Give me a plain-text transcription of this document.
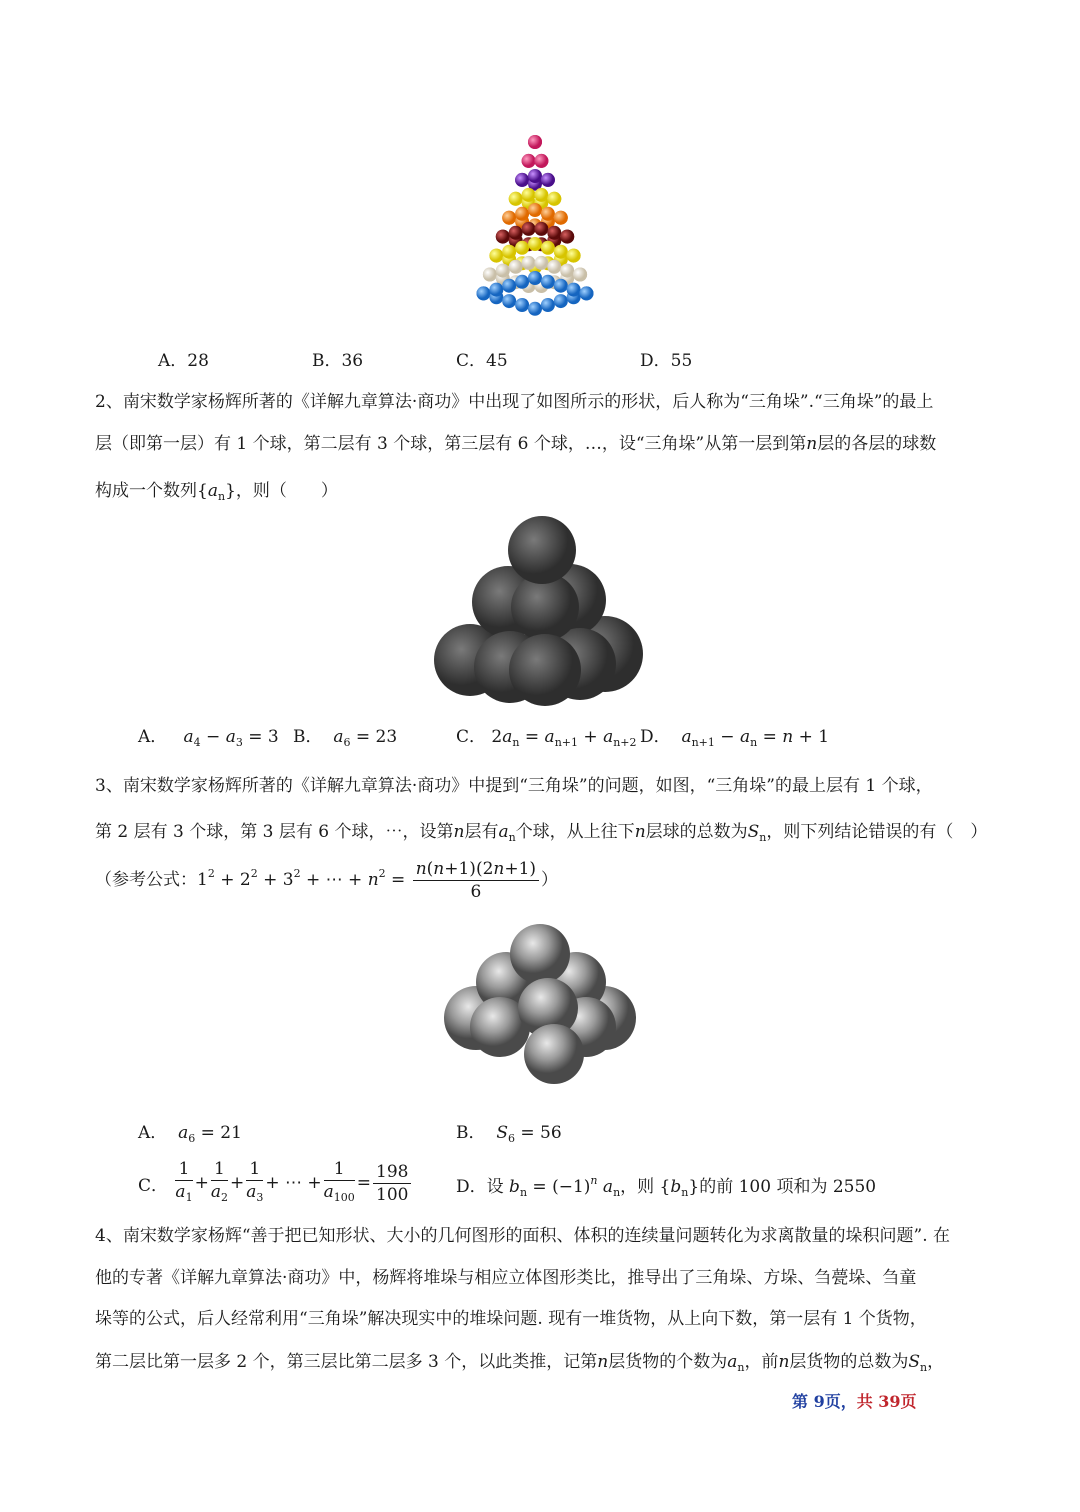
A．28	B．36	C．45	D．55
2、南宋数学家杨辉所著的《详解九章算法·商功》中出现了如图所示的形状，后人称为“三角垛”.“三角垛”的最上
层（即第一层）有 1 个球，第二层有 3 个球，第三层有 6 个球，…，设“三角垛”从第一层到第n层的各层的球数
构成一个数列$\{a_n\}$，则（　　）
A． $a_4 - a_3 = 3$ B． $a_6 = 23$	C． $2a_n = a_{n+1} + a_{n+2}$ D． $a_{n+1} - a_n = n + 1$
3、南宋数学家杨辉所著的《详解九章算法·商功》中提到“三角垛”的问题，如图，“三角垛”的最上层有 1 个球，
第 2 层有 3 个球，第 3 层有 6 个球，⋯，设第n层有$a_n$个球，从上往下n层球的总数为$S_n$，则下列结论错误的有（　）
（参考公式：$1^2 + 2^2 + 3^2$ + ⋯ + $n^2 = \frac{n(n+1)(2n+1)}{6}$ ）
A． $a_6 = 21$	B． $S_6 = 56$
C． $\frac{1}{a_1} + \frac{1}{a_2} + \frac{1}{a_3}$ + ⋯ + $\frac{1}{a_{100}} = \frac{198}{100}$	D．设 $b_n = (-1)^n$ $a_n$，则 $\{b_n\}$的前 100 项和为 2550
4、南宋数学家杨辉“善于把已知形状、大小的几何图形的面积、体积的连续量问题转化为求离散量的垛积问题”. 在
他的专著《详解九章算法·商功》中，杨辉将堆垛与相应立体图形类比，推导出了三角垛、方垛、刍甍垛、刍童
垛等的公式，后人经常利用“三角垛”解决现实中的堆垛问题. 现有一堆货物，从上向下数，第一层有 1 个货物，
第二层比第一层多 2 个，第三层比第二层多 3 个，以此类推，记第n层货物的个数为$a_n$，前n层货物的总数为$S_n$，
第 9页，共 39页
